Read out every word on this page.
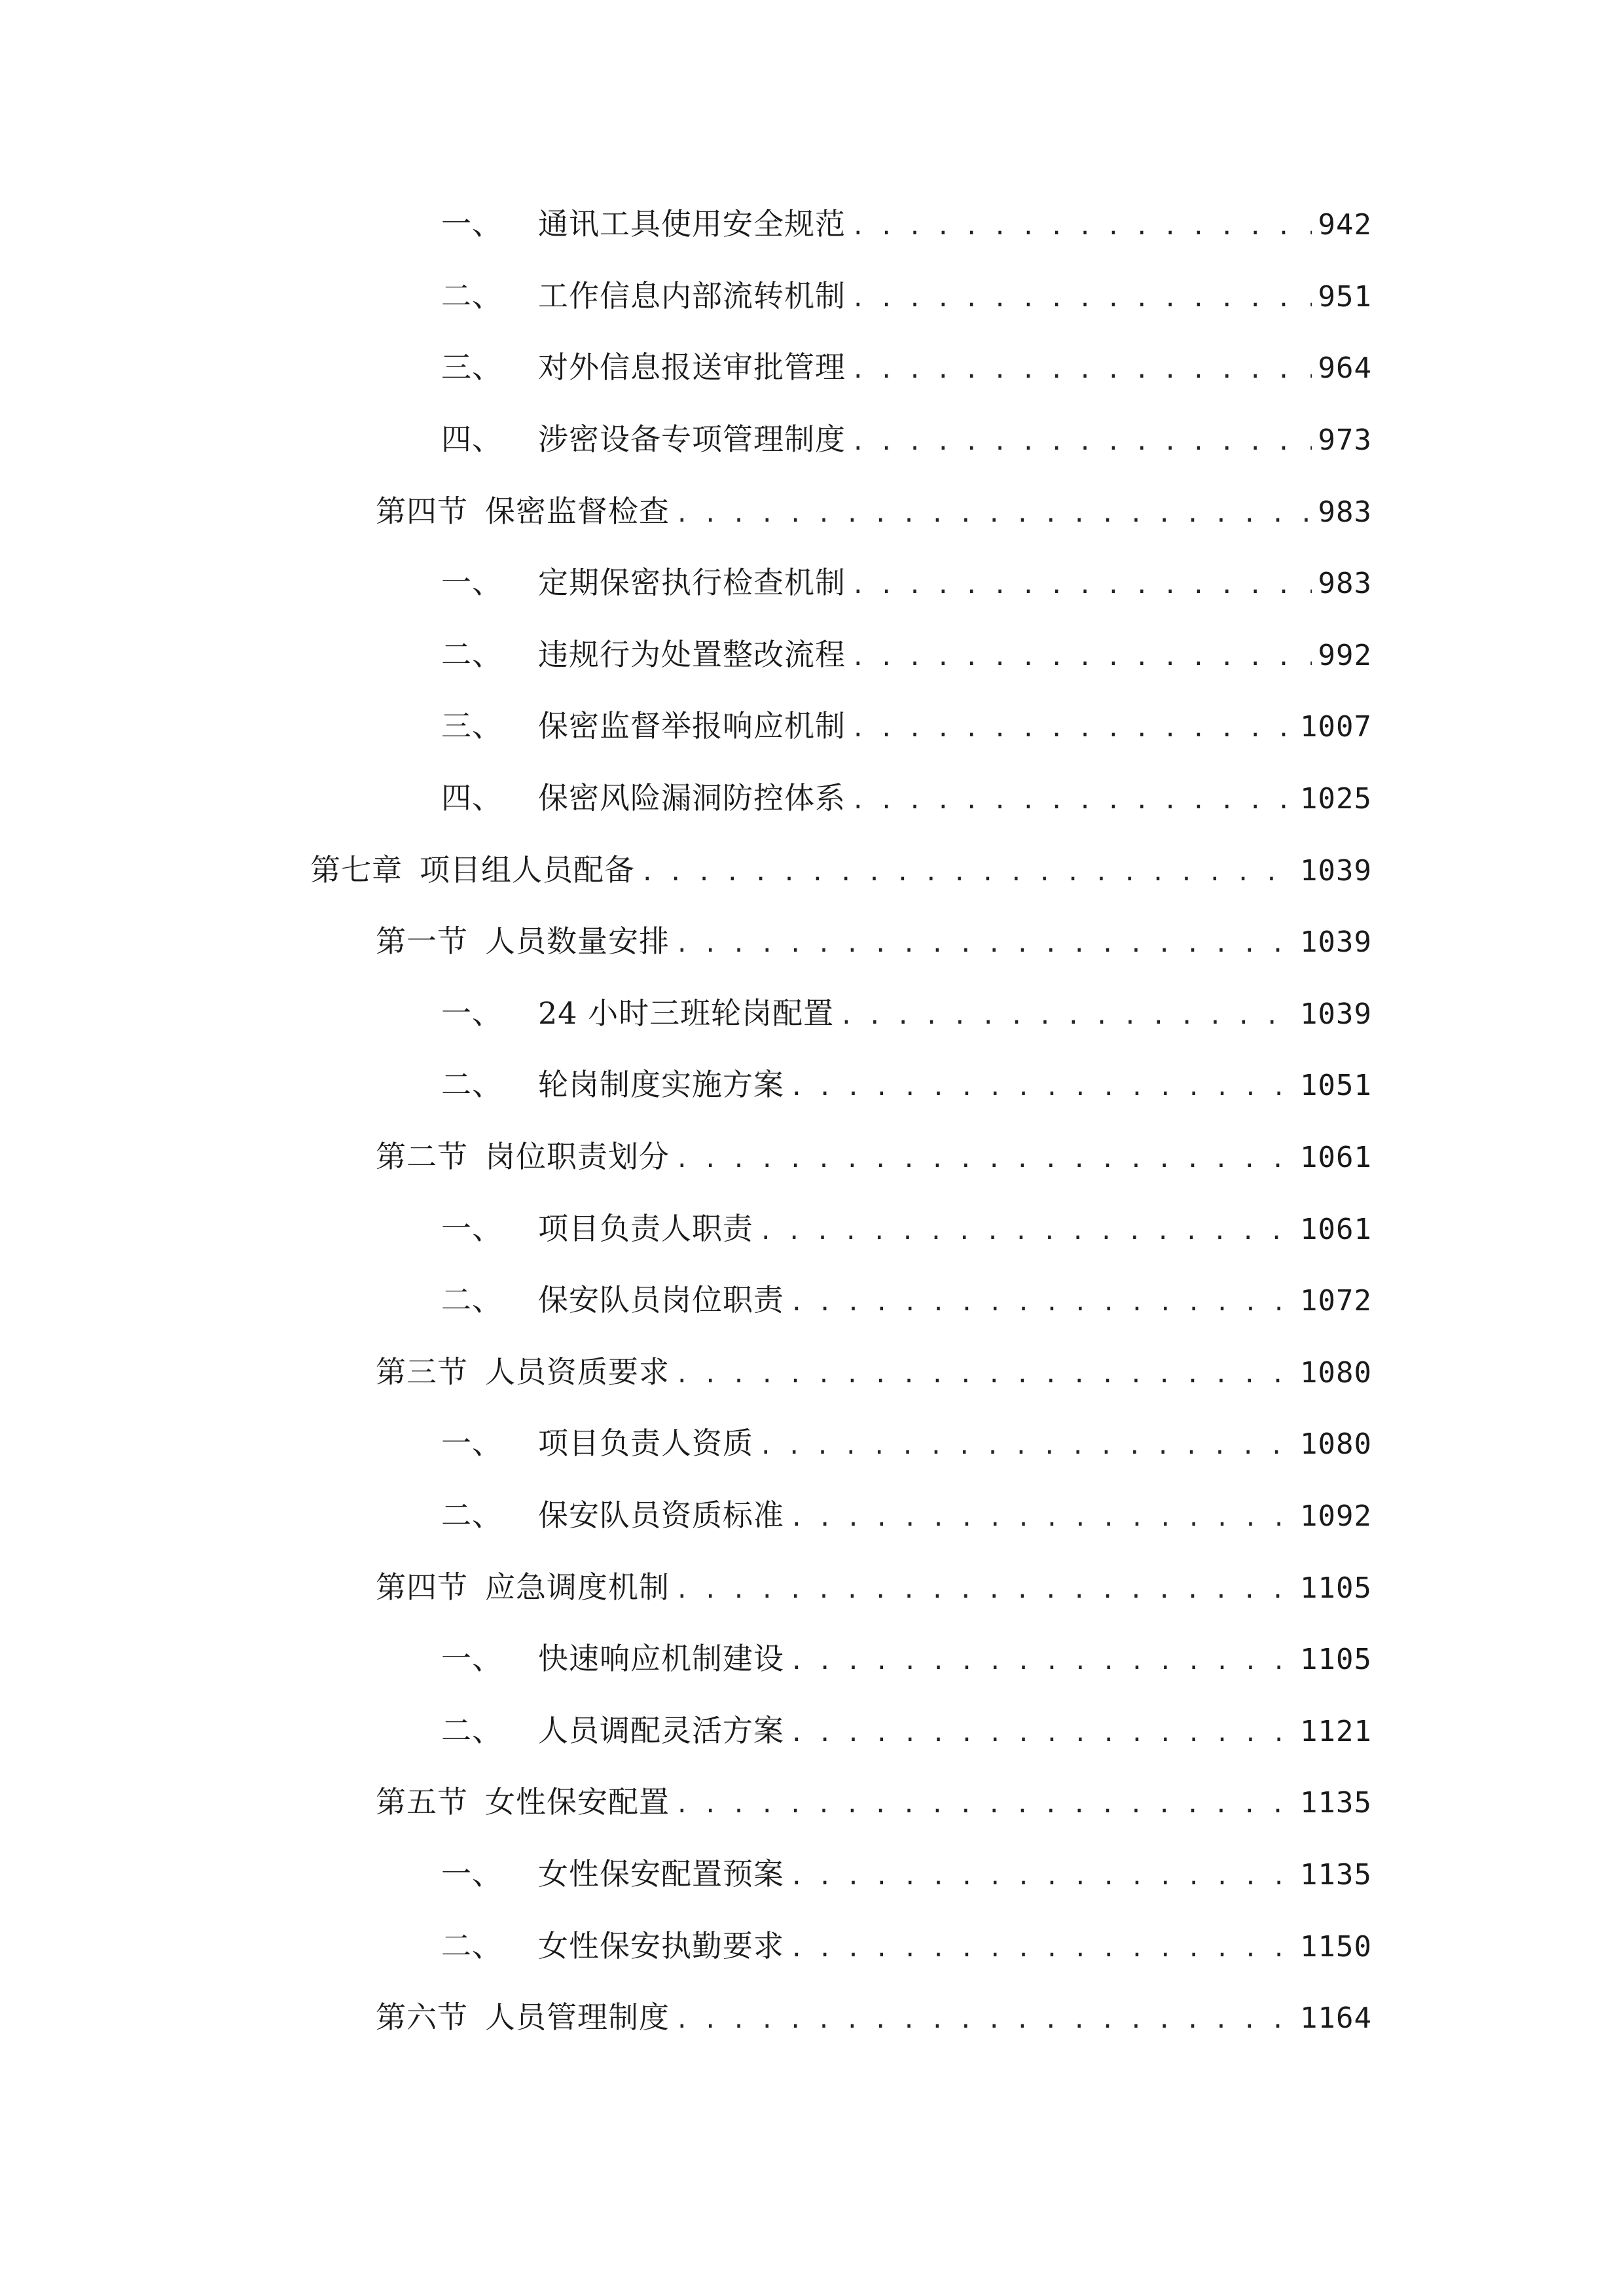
一、 通讯工具使用安全规范 . . .	942
二、 工作信息内部流转机制 . . .	951
三、 对外信息报送审批管理 . . .	964
四、 涉密设备专项管理制度 . . .	973
第四节 保密监督检查 . . .	983
一、 定期保密执行检查机制 . . .	983
二、 违规行为处置整改流程 . . .	992
三、 保密监督举报响应机制 . . .	1007
四、 保密风险漏洞防控体系 . . .	1025
第七章 项目组人员配备 . . .	1039
第一节 人员数量安排 . . .	1039
一、 24 小时三班轮岗配置 . . .	1039
二、 轮岗制度实施方案 . . .	1051
第二节 岗位职责划分 . . .	1061
一、 项目负责人职责 . . .	1061
二、 保安队员岗位职责 . . .	1072
第三节 人员资质要求 . . .	1080
一、 项目负责人资质 . . .	1080
二、 保安队员资质标准 . . .	1092
第四节 应急调度机制 . . .	1105
一、 快速响应机制建设 . . .	1105
二、 人员调配灵活方案 . . .	1121
第五节 女性保安配置 . . .	1135
一、 女性保安配置预案 . . .	1135
二、 女性保安执勤要求 . . .	1150
第六节 人员管理制度 . . .	1164
